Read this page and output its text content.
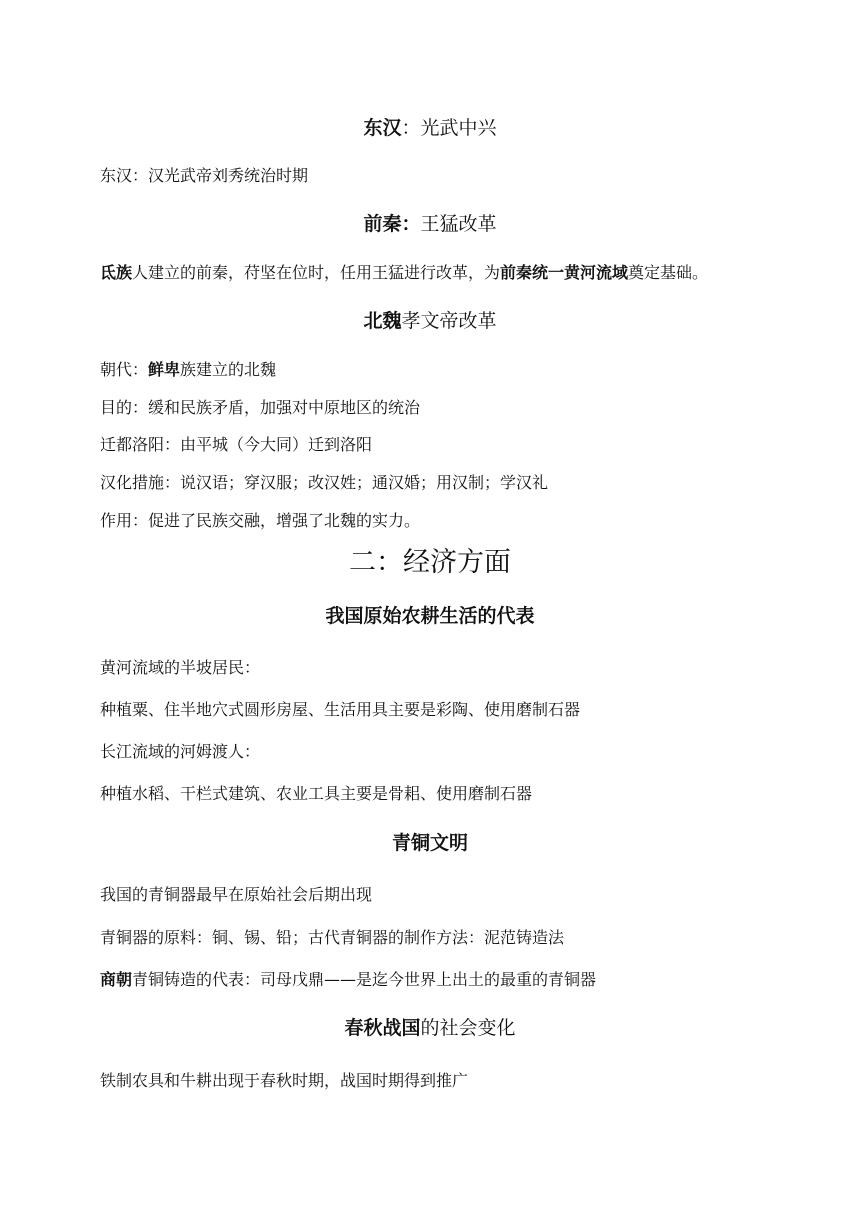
东汉：光武中兴
东汉：汉光武帝刘秀统治时期
前秦：王猛改革
氐族人建立的前秦，苻坚在位时，任用王猛进行改革，为前秦统一黄河流域奠定基础。
北魏孝文帝改革
朝代：鲜卑族建立的北魏
目的：缓和民族矛盾，加强对中原地区的统治
迁都洛阳：由平城（今大同）迁到洛阳
汉化措施：说汉语；穿汉服；改汉姓；通汉婚；用汉制；学汉礼
作用：促进了民族交融，增强了北魏的实力。
二：经济方面
我国原始农耕生活的代表
黄河流域的半坡居民：
种植粟、住半地穴式圆形房屋、生活用具主要是彩陶、使用磨制石器
长江流域的河姆渡人：
种植水稻、干栏式建筑、农业工具主要是骨耜、使用磨制石器
青铜文明
我国的青铜器最早在原始社会后期出现
青铜器的原料：铜、锡、铅；古代青铜器的制作方法：泥范铸造法
商朝青铜铸造的代表：司母戊鼎——是迄今世界上出土的最重的青铜器
春秋战国的社会变化
铁制农具和牛耕出现于春秋时期，战国时期得到推广
